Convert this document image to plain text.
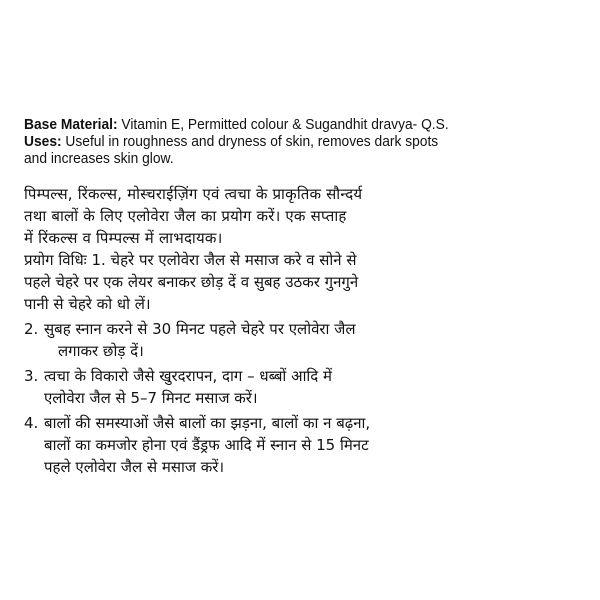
Base Material: Vitamin E, Permitted colour & Sugandhit dravya- Q.S.

Uses: Useful in roughness and dryness of skin, removes dark spots

and increases skin glow.

पिम्पल्स, रिंकल्स, मोस्चराईज़िंग एवं त्वचा के प्राकृतिक सौन्दर्य

तथा बालों के लिए एलोवेरा जैल का प्रयोग करें। एक सप्ताह

में रिंकल्स व पिम्पल्स में लाभदायक।

प्रयोग विधिः 1. चेहरे पर एलोवेरा जैल से मसाज करे व सोने से

पहले चेहरे पर एक लेयर बनाकर छोड़ दें व सुबह उठकर गुनगुने

पानी से चेहरे को धो लें।

2. सुबह स्नान करने से 30 मिनट पहले चेहरे पर एलोवेरा जैल

लगाकर छोड़ दें।

3. त्वचा के विकारो जैसे खुरदरापन, दाग – धब्बों आदि में

एलोवेरा जैल से 5–7 मिनट मसाज करें।

4. बालों की समस्याओं जैसे बालों का झड़ना, बालों का न बढ़ना,

बालों का कमजोर होना एवं डैंड्रफ आदि में स्नान से 15 मिनट

पहले एलोवेरा जैल से मसाज करें।
